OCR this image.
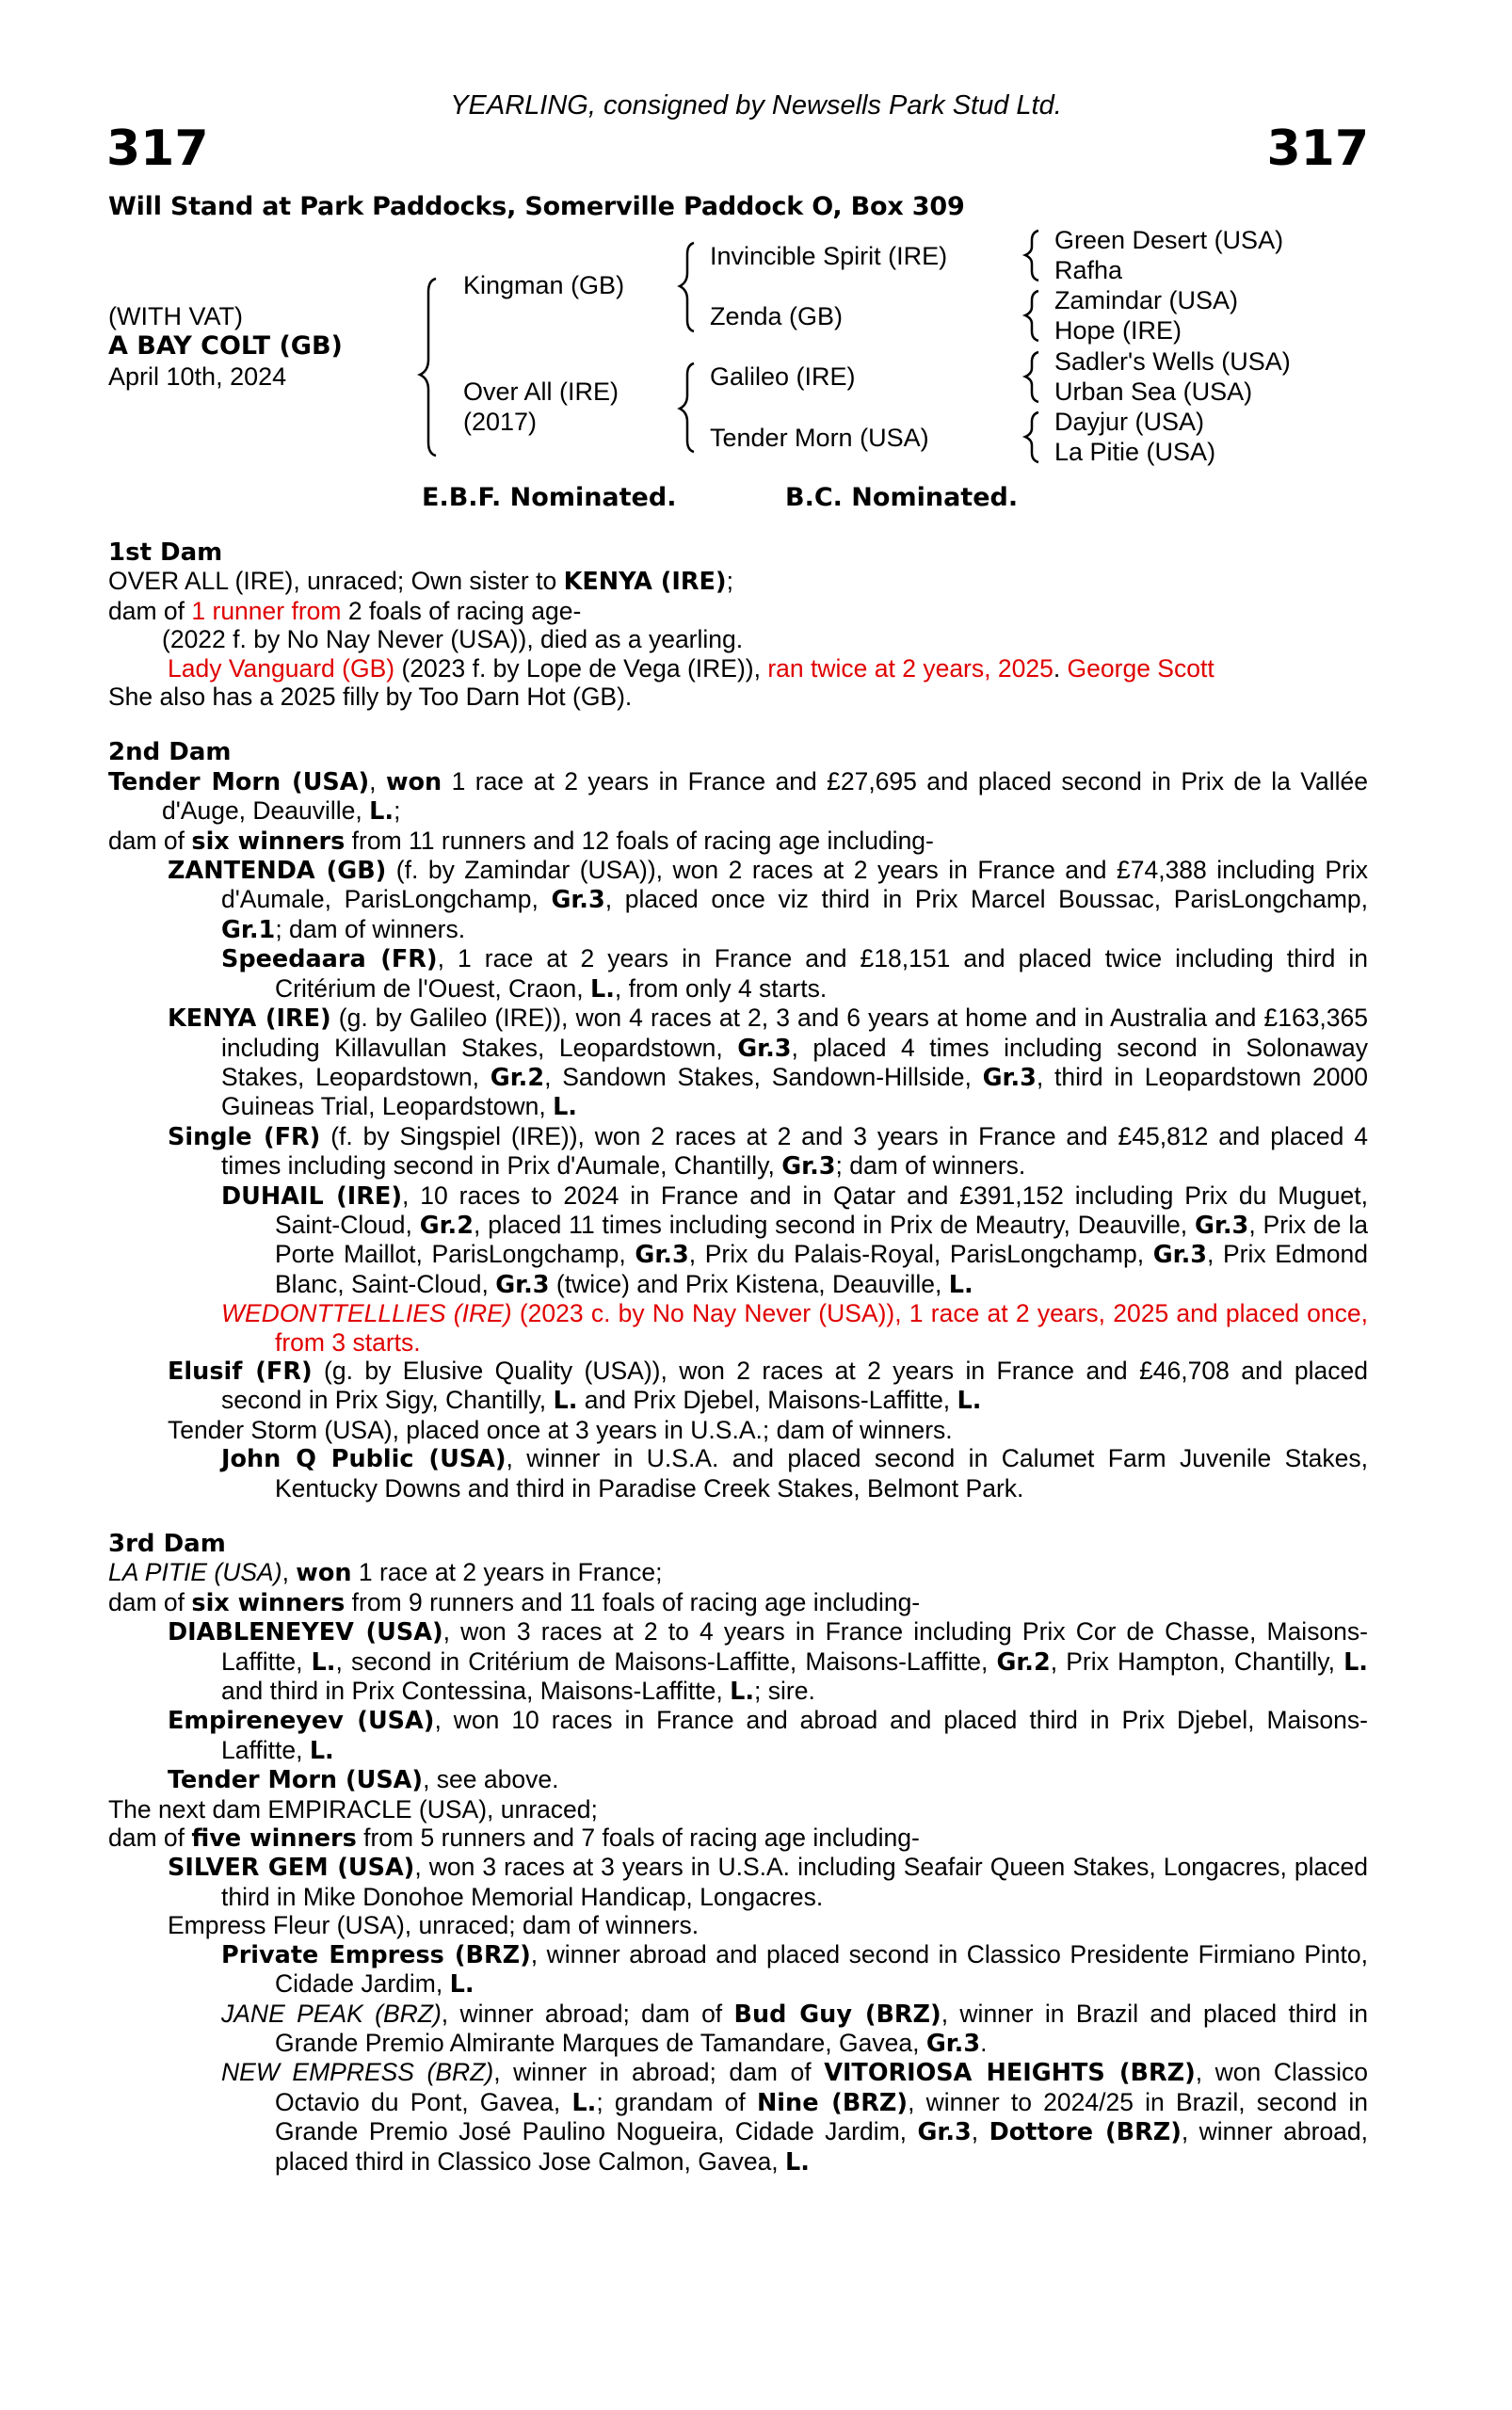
YEARLING, consigned by Newsells Park Stud Ltd.
317	317
Will Stand at Park Paddocks, Somerville Paddock O, Box 309
(WITH VAT)
A BAY COLT (GB)
April 10th, 2024
Kingman (GB)
Over All (IRE)
(2017)
Invincible Spirit (IRE)
Zenda (GB)
Galileo (IRE)
Tender Morn (USA)
Green Desert (USA)
Rafha
Zamindar (USA)
Hope (IRE)
Sadler's Wells (USA)
Urban Sea (USA)
Dayjur (USA)
La Pitie (USA)
E.B.F. Nominated.	B.C. Nominated.
1st Dam

OVER ALL (IRE), unraced; Own sister to KENYA (IRE);

dam of 1 runner from 2 foals of racing age-

(2022 f. by No Nay Never (USA)), died as a yearling.

Lady Vanguard (GB) (2023 f. by Lope de Vega (IRE)), ran twice at 2 years, 2025. George Scott

She also has a 2025 filly by Too Darn Hot (GB).

2nd Dam

Tender Morn (USA), won 1 race at 2 years in France and £27,695 and placed second in Prix de la Vallée d'Auge, Deauville, L.;

dam of six winners from 11 runners and 12 foals of racing age including-

ZANTENDA (GB) (f. by Zamindar (USA)), won 2 races at 2 years in France and £74,388 including Prix d'Aumale, ParisLongchamp, Gr.3, placed once viz third in Prix Marcel Boussac, ParisLongchamp, Gr.1; dam of winners.

Speedaara (FR), 1 race at 2 years in France and £18,151 and placed twice including third in Critérium de l'Ouest, Craon, L., from only 4 starts.

KENYA (IRE) (g. by Galileo (IRE)), won 4 races at 2, 3 and 6 years at home and in Australia and £163,365 including Killavullan Stakes, Leopardstown, Gr.3, placed 4 times including second in Solonaway Stakes, Leopardstown, Gr.2, Sandown Stakes, Sandown-Hillside, Gr.3, third in Leopardstown 2000 Guineas Trial, Leopardstown, L.

Single (FR) (f. by Singspiel (IRE)), won 2 races at 2 and 3 years in France and £45,812 and placed 4 times including second in Prix d'Aumale, Chantilly, Gr.3; dam of winners.

DUHAIL (IRE), 10 races to 2024 in France and in Qatar and £391,152 including Prix du Muguet, Saint-Cloud, Gr.2, placed 11 times including second in Prix de Meautry, Deauville, Gr.3, Prix de la Porte Maillot, ParisLongchamp, Gr.3, Prix du Palais-Royal, ParisLongchamp, Gr.3, Prix Edmond Blanc, Saint-Cloud, Gr.3 (twice) and Prix Kistena, Deauville, L.

WEDONTTELLLIES (IRE) (2023 c. by No Nay Never (USA)), 1 race at 2 years, 2025 and placed once, from 3 starts.

Elusif (FR) (g. by Elusive Quality (USA)), won 2 races at 2 years in France and £46,708 and placed second in Prix Sigy, Chantilly, L. and Prix Djebel, Maisons-Laffitte, L.

Tender Storm (USA), placed once at 3 years in U.S.A.; dam of winners.

John Q Public (USA), winner in U.S.A. and placed second in Calumet Farm Juvenile Stakes, Kentucky Downs and third in Paradise Creek Stakes, Belmont Park.

3rd Dam

LA PITIE (USA), won 1 race at 2 years in France;

dam of six winners from 9 runners and 11 foals of racing age including-

DIABLENEYEV (USA), won 3 races at 2 to 4 years in France including Prix Cor de Chasse, Maisons-Laffitte, L., second in Critérium de Maisons-Laffitte, Maisons-Laffitte, Gr.2, Prix Hampton, Chantilly, L. and third in Prix Contessina, Maisons-Laffitte, L.; sire.

Empireneyev (USA), won 10 races in France and abroad and placed third in Prix Djebel, Maisons-Laffitte, L.

Tender Morn (USA), see above.

The next dam EMPIRACLE (USA), unraced;

dam of five winners from 5 runners and 7 foals of racing age including-

SILVER GEM (USA), won 3 races at 3 years in U.S.A. including Seafair Queen Stakes, Longacres, placed third in Mike Donohoe Memorial Handicap, Longacres.

Empress Fleur (USA), unraced; dam of winners.

Private Empress (BRZ), winner abroad and placed second in Classico Presidente Firmiano Pinto, Cidade Jardim, L.

JANE PEAK (BRZ), winner abroad; dam of Bud Guy (BRZ), winner in Brazil and placed third in Grande Premio Almirante Marques de Tamandare, Gavea, Gr.3.

NEW EMPRESS (BRZ), winner in abroad; dam of VITORIOSA HEIGHTS (BRZ), won Classico Octavio du Pont, Gavea, L.; grandam of Nine (BRZ), winner to 2024/25 in Brazil, second in Grande Premio José Paulino Nogueira, Cidade Jardim, Gr.3, Dottore (BRZ), winner abroad, placed third in Classico Jose Calmon, Gavea, L.
